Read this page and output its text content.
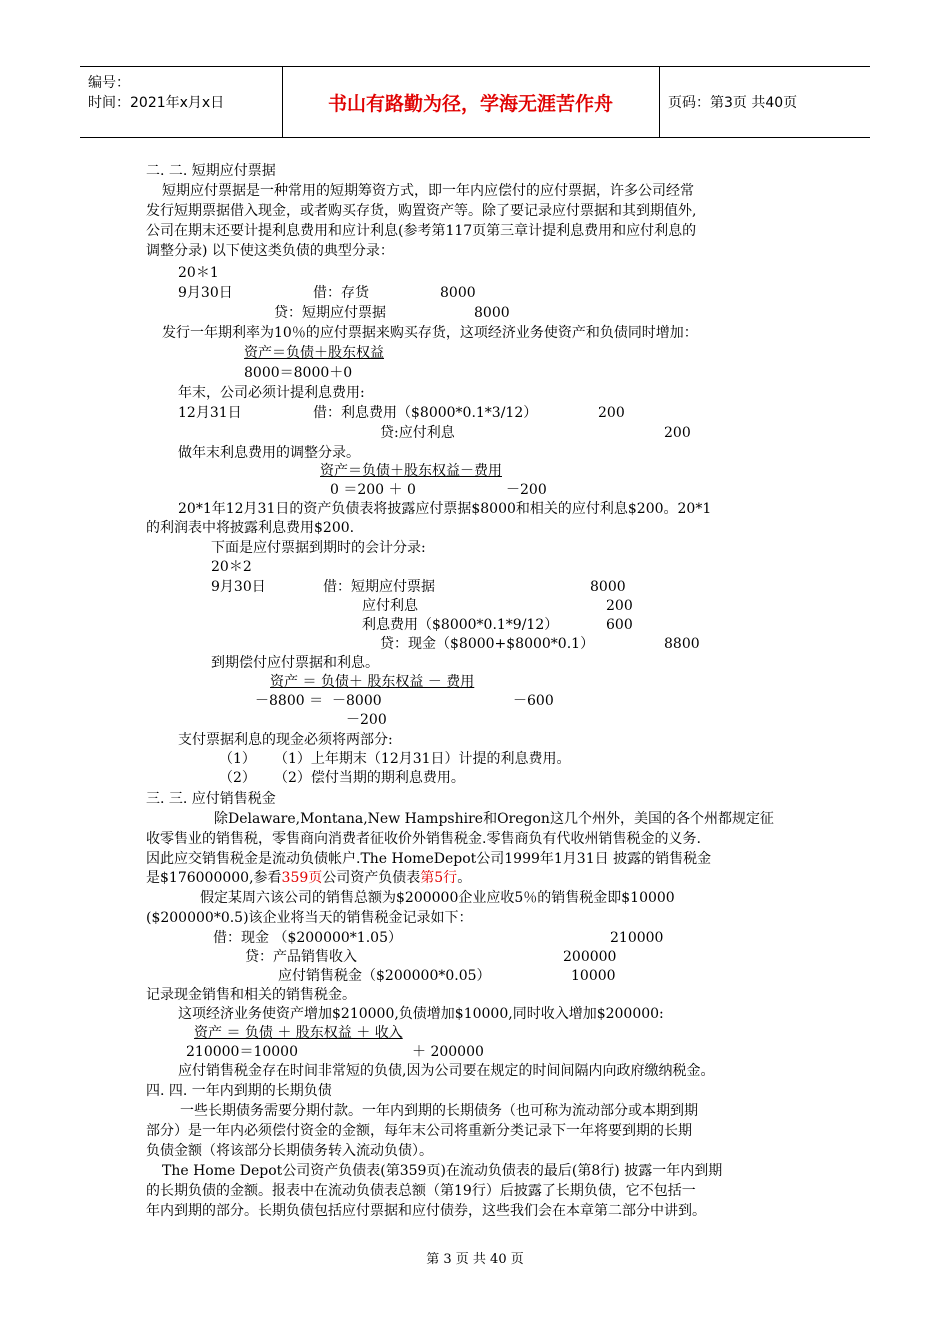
编号：
时间：2021年x月x日	书山有路勤为径，学海无涯苦作舟	页码：第3页 共40页
二. 二. 短期应付票据
短期应付票据是一种常用的短期筹资方式，即一年内应偿付的应付票据，许多公司经常
发行短期票据借入现金，或者购买存货，购置资产等。除了要记录应付票据和其到期值外,
公司在期末还要计提利息费用和应计利息(参考第117页第三章计提利息费用和应付利息的
调整分录) 以下使这类负债的典型分录：
20＊1
9月30日	借：存货	8000
贷：短期应付票据	8000
发行一年期利率为10％的应付票据来购买存货，这项经济业务使资产和负债同时增加：
资产＝负债＋股东权益
8000＝8000＋0
年末，公司必须计提利息费用:
12月31日	借：利息费用（$8000*0.1*3/12）	200
贷:应付利息	200
做年末利息费用的调整分录。
资产＝负债＋股东权益－费用
0 ＝200 ＋ 0	－200
20*1年12月31日的资产负债表将披露应付票据$8000和相关的应付利息$200。20*1
的利润表中将披露利息费用$200.
下面是应付票据到期时的会计分录:
20＊2
9月30日	借：短期应付票据	8000
应付利息	200
利息费用（$8000*0.1*9/12）	600
贷：现金（$8000+$8000*0.1）	8800
到期偿付应付票据和利息。
资产 ＝ 负债＋ 股东权益 － 费用
－8800 ＝ －8000	－600
－200
支付票据利息的现金必须将两部分:
（1） （1）上年期末（12月31日）计提的利息费用。
（2） （2）偿付当期的期利息费用。
三. 三. 应付销售税金
除Delaware,Montana,New Hampshire和Oregon这几个州外，美国的各个州都规定征
收零售业的销售税，零售商向消费者征收价外销售税金.零售商负有代收州销售税金的义务.
因此应交销售税金是流动负债帐户.The HomeDepot公司1999年1月31日 披露的销售税金
是$176000000,参看359页公司资产负债表第5行。
假定某周六该公司的销售总额为$200000企业应收5％的销售税金即$10000
($200000*0.5)该企业将当天的销售税金记录如下：
借：现金 （$200000*1.05）	210000
贷：产品销售收入	200000
应付销售税金（$200000*0.05）	10000
记录现金销售和相关的销售税金。
这项经济业务使资产增加$210000,负债增加$10000,同时收入增加$200000:
资产 ＝ 负债 ＋ 股东权益 ＋ 收入
210000＝10000	＋ 200000
应付销售税金存在时间非常短的负债,因为公司要在规定的时间间隔内向政府缴纳税金。
四. 四. 一年内到期的长期负债
一些长期债务需要分期付款。一年内到期的长期债务（也可称为流动部分或本期到期
部分）是一年内必须偿付资金的金额，每年末公司将重新分类记录下一年将要到期的长期
负债金额（将该部分长期债务转入流动负债）。
The Home Depot公司资产负债表(第359页)在流动负债表的最后(第8行) 披露一年内到期
的长期负债的金额。报表中在流动负债表总额（第19行）后披露了长期负债，它不包括一
年内到期的部分。长期负债包括应付票据和应付债券，这些我们会在本章第二部分中讲到。
第 3 页 共 40 页
